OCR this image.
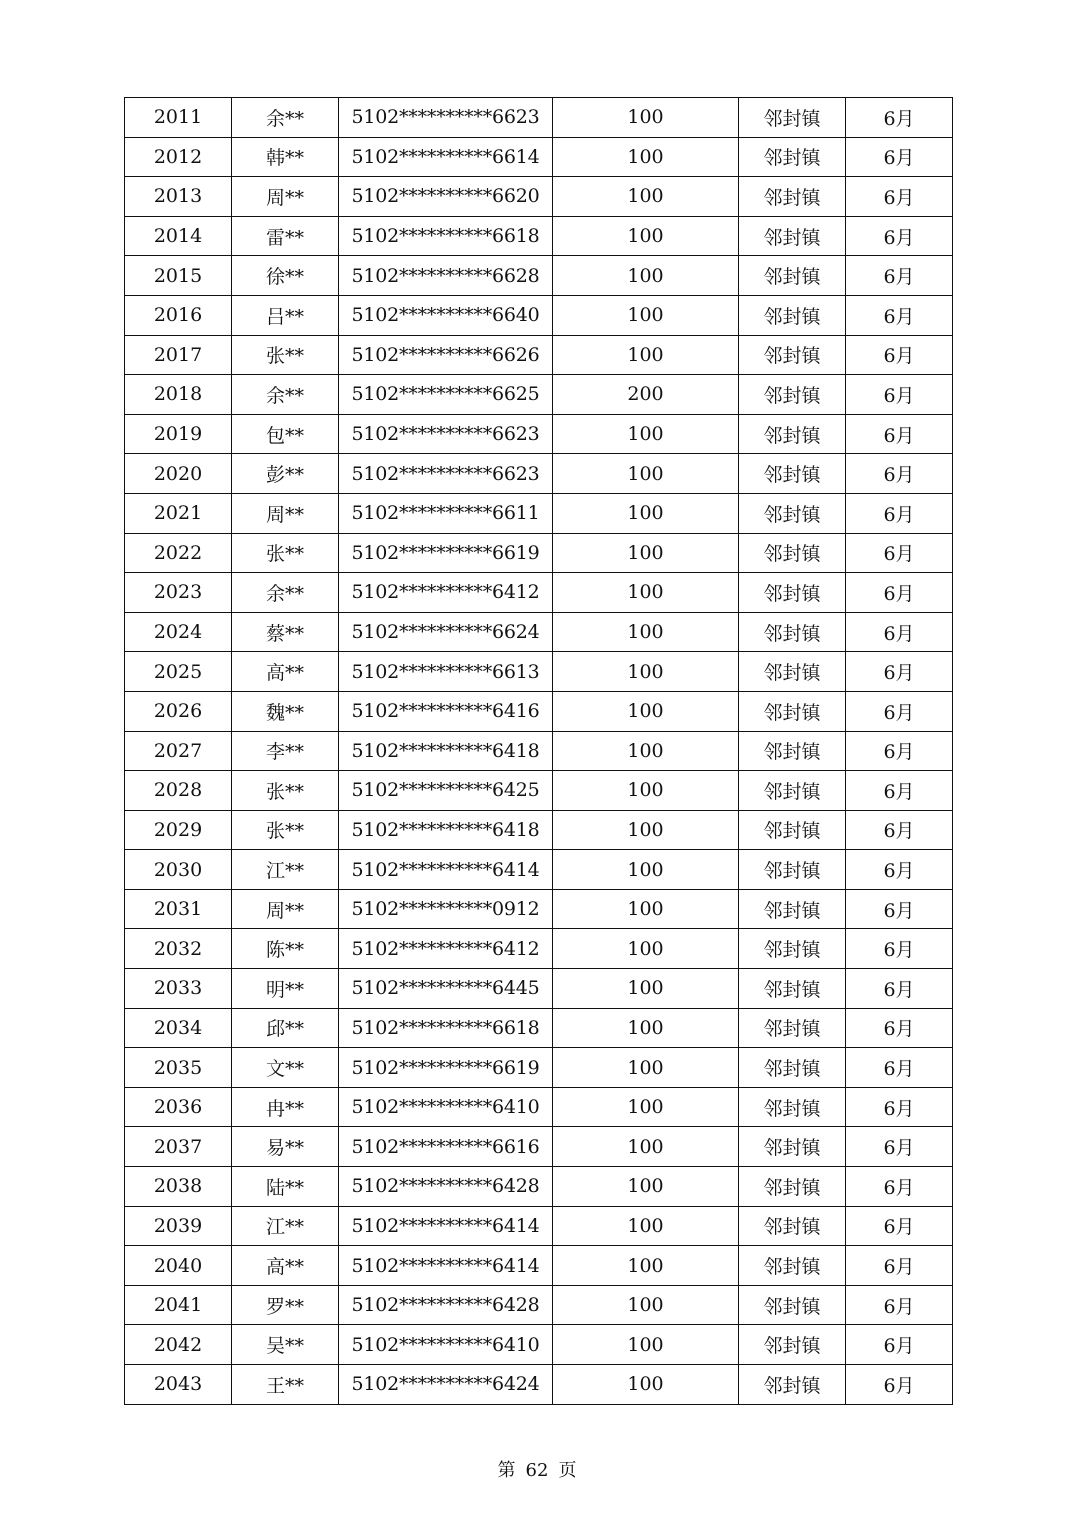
2011	余**	5102**********6623	100	邻封镇	6月
2012	韩**	5102**********6614	100	邻封镇	6月
2013	周**	5102**********6620	100	邻封镇	6月
2014	雷**	5102**********6618	100	邻封镇	6月
2015	徐**	5102**********6628	100	邻封镇	6月
2016	吕**	5102**********6640	100	邻封镇	6月
2017	张**	5102**********6626	100	邻封镇	6月
2018	余**	5102**********6625	200	邻封镇	6月
2019	包**	5102**********6623	100	邻封镇	6月
2020	彭**	5102**********6623	100	邻封镇	6月
2021	周**	5102**********6611	100	邻封镇	6月
2022	张**	5102**********6619	100	邻封镇	6月
2023	余**	5102**********6412	100	邻封镇	6月
2024	蔡**	5102**********6624	100	邻封镇	6月
2025	高**	5102**********6613	100	邻封镇	6月
2026	魏**	5102**********6416	100	邻封镇	6月
2027	李**	5102**********6418	100	邻封镇	6月
2028	张**	5102**********6425	100	邻封镇	6月
2029	张**	5102**********6418	100	邻封镇	6月
2030	江**	5102**********6414	100	邻封镇	6月
2031	周**	5102**********0912	100	邻封镇	6月
2032	陈**	5102**********6412	100	邻封镇	6月
2033	明**	5102**********6445	100	邻封镇	6月
2034	邱**	5102**********6618	100	邻封镇	6月
2035	文**	5102**********6619	100	邻封镇	6月
2036	冉**	5102**********6410	100	邻封镇	6月
2037	易**	5102**********6616	100	邻封镇	6月
2038	陆**	5102**********6428	100	邻封镇	6月
2039	江**	5102**********6414	100	邻封镇	6月
2040	高**	5102**********6414	100	邻封镇	6月
2041	罗**	5102**********6428	100	邻封镇	6月
2042	吴**	5102**********6410	100	邻封镇	6月
2043	王**	5102**********6424	100	邻封镇	6月
第 62 页
